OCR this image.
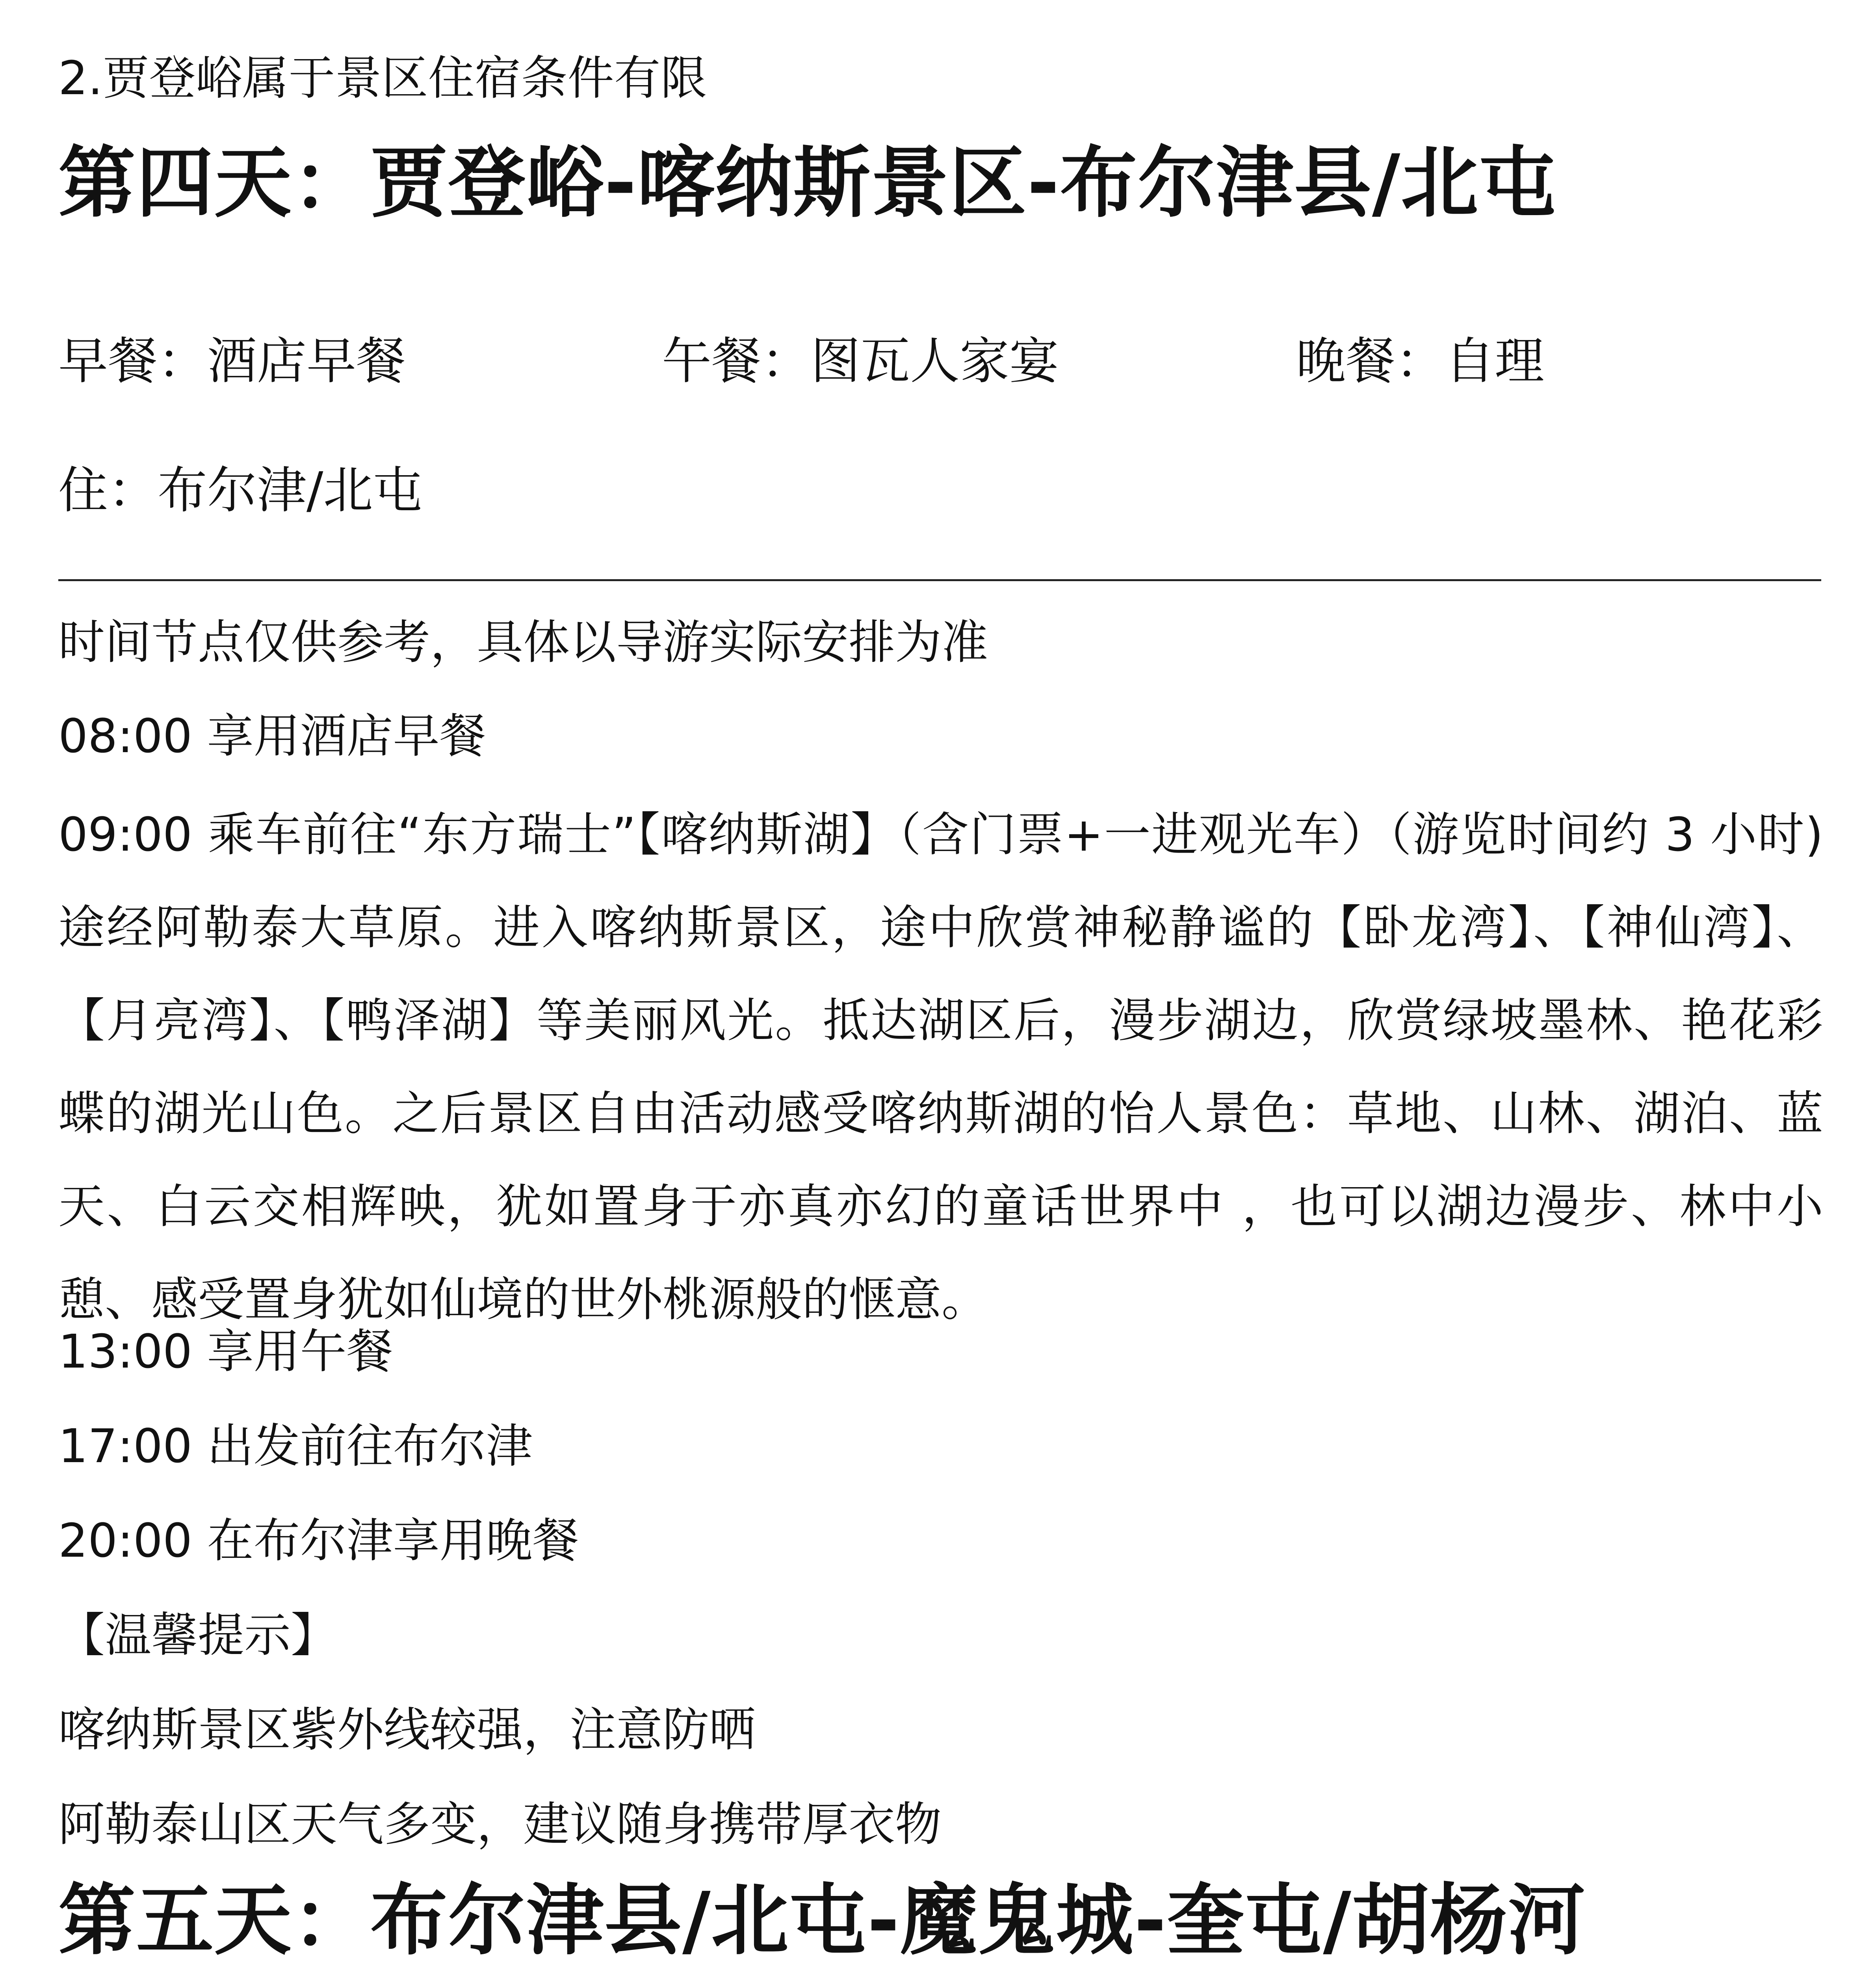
2.贾登峪属于景区住宿条件有限
第四天：贾登峪-喀纳斯景区-布尔津县/北屯
早餐：酒店早餐	午餐：图瓦人家宴	晚餐：自理
住：布尔津/北屯
时间节点仅供参考，具体以导游实际安排为准
08:00 享用酒店早餐
09:00 乘车前往“东方瑞士”【喀纳斯湖】（含门票+一进观光车）（游览时间约 3 小时) 途经阿勒泰大草原。进入喀纳斯景区，途中欣赏神秘静谧的【卧龙湾】、【神仙湾】、【月亮湾】、【鸭泽湖】等美丽风光。抵达湖区后，漫步湖边，欣赏绿坡墨林、艳花彩蝶的湖光山色。之后景区自由活动感受喀纳斯湖的怡人景色：草地、山林、湖泊、蓝天、白云交相辉映，犹如置身于亦真亦幻的童话世界中 ，也可以湖边漫步、林中小憩、感受置身犹如仙境的世外桃源般的惬意。
13:00 享用午餐
17:00 出发前往布尔津
20:00 在布尔津享用晚餐
【温馨提示】
喀纳斯景区紫外线较强，注意防晒
阿勒泰山区天气多变，建议随身携带厚衣物
第五天：布尔津县/北屯-魔鬼城-奎屯/胡杨河
